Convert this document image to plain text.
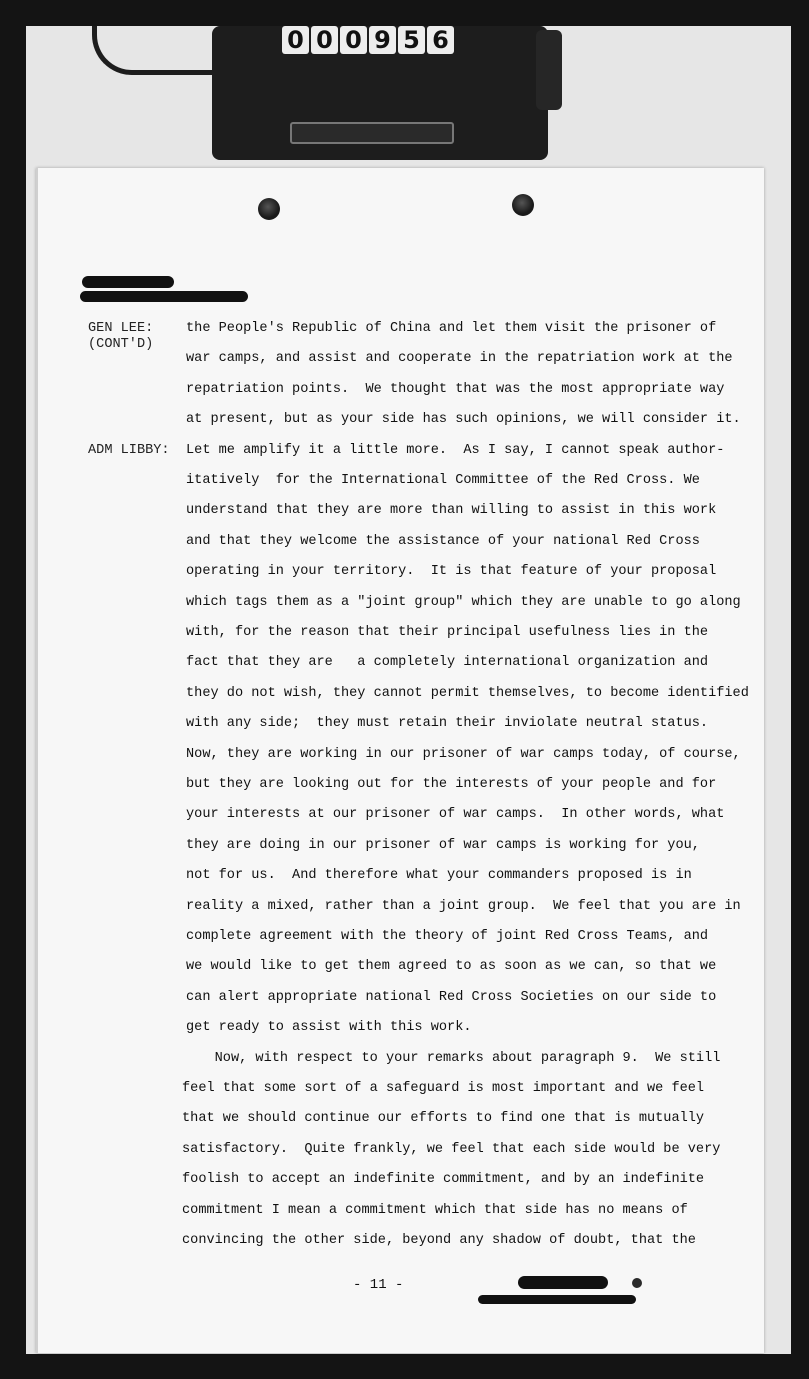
0 0 0 9 5 6

GEN LEE:

(CONT'D)

ADM LIBBY:

the People's Republic of China and let them visit the prisoner of

war camps, and assist and cooperate in the repatriation work at the

repatriation points.  We thought that was the most appropriate way

at present, but as your side has such opinions, we will consider it.

Let me amplify it a little more.  As I say, I cannot speak author-

itatively  for the International Committee of the Red Cross. We

understand that they are more than willing to assist in this work

and that they welcome the assistance of your national Red Cross

operating in your territory.  It is that feature of your proposal

which tags them as a "joint group" which they are unable to go along

with, for the reason that their principal usefulness lies in the

fact that they are   a completely international organization and

they do not wish, they cannot permit themselves, to become identified

with any side;  they must retain their inviolate neutral status.

Now, they are working in our prisoner of war camps today, of course,

but they are looking out for the interests of your people and for

your interests at our prisoner of war camps.  In other words, what

they are doing in our prisoner of war camps is working for you,

not for us.  And therefore what your commanders proposed is in

reality a mixed, rather than a joint group.  We feel that you are in

complete agreement with the theory of joint Red Cross Teams, and

we would like to get them agreed to as soon as we can, so that we

can alert appropriate national Red Cross Societies on our side to

get ready to assist with this work.

Now, with respect to your remarks about paragraph 9.  We still

feel that some sort of a safeguard is most important and we feel

that we should continue our efforts to find one that is mutually

satisfactory.  Quite frankly, we feel that each side would be very

foolish to accept an indefinite commitment, and by an indefinite

commitment I mean a commitment which that side has no means of

convincing the other side, beyond any shadow of doubt, that the

- 11 -
